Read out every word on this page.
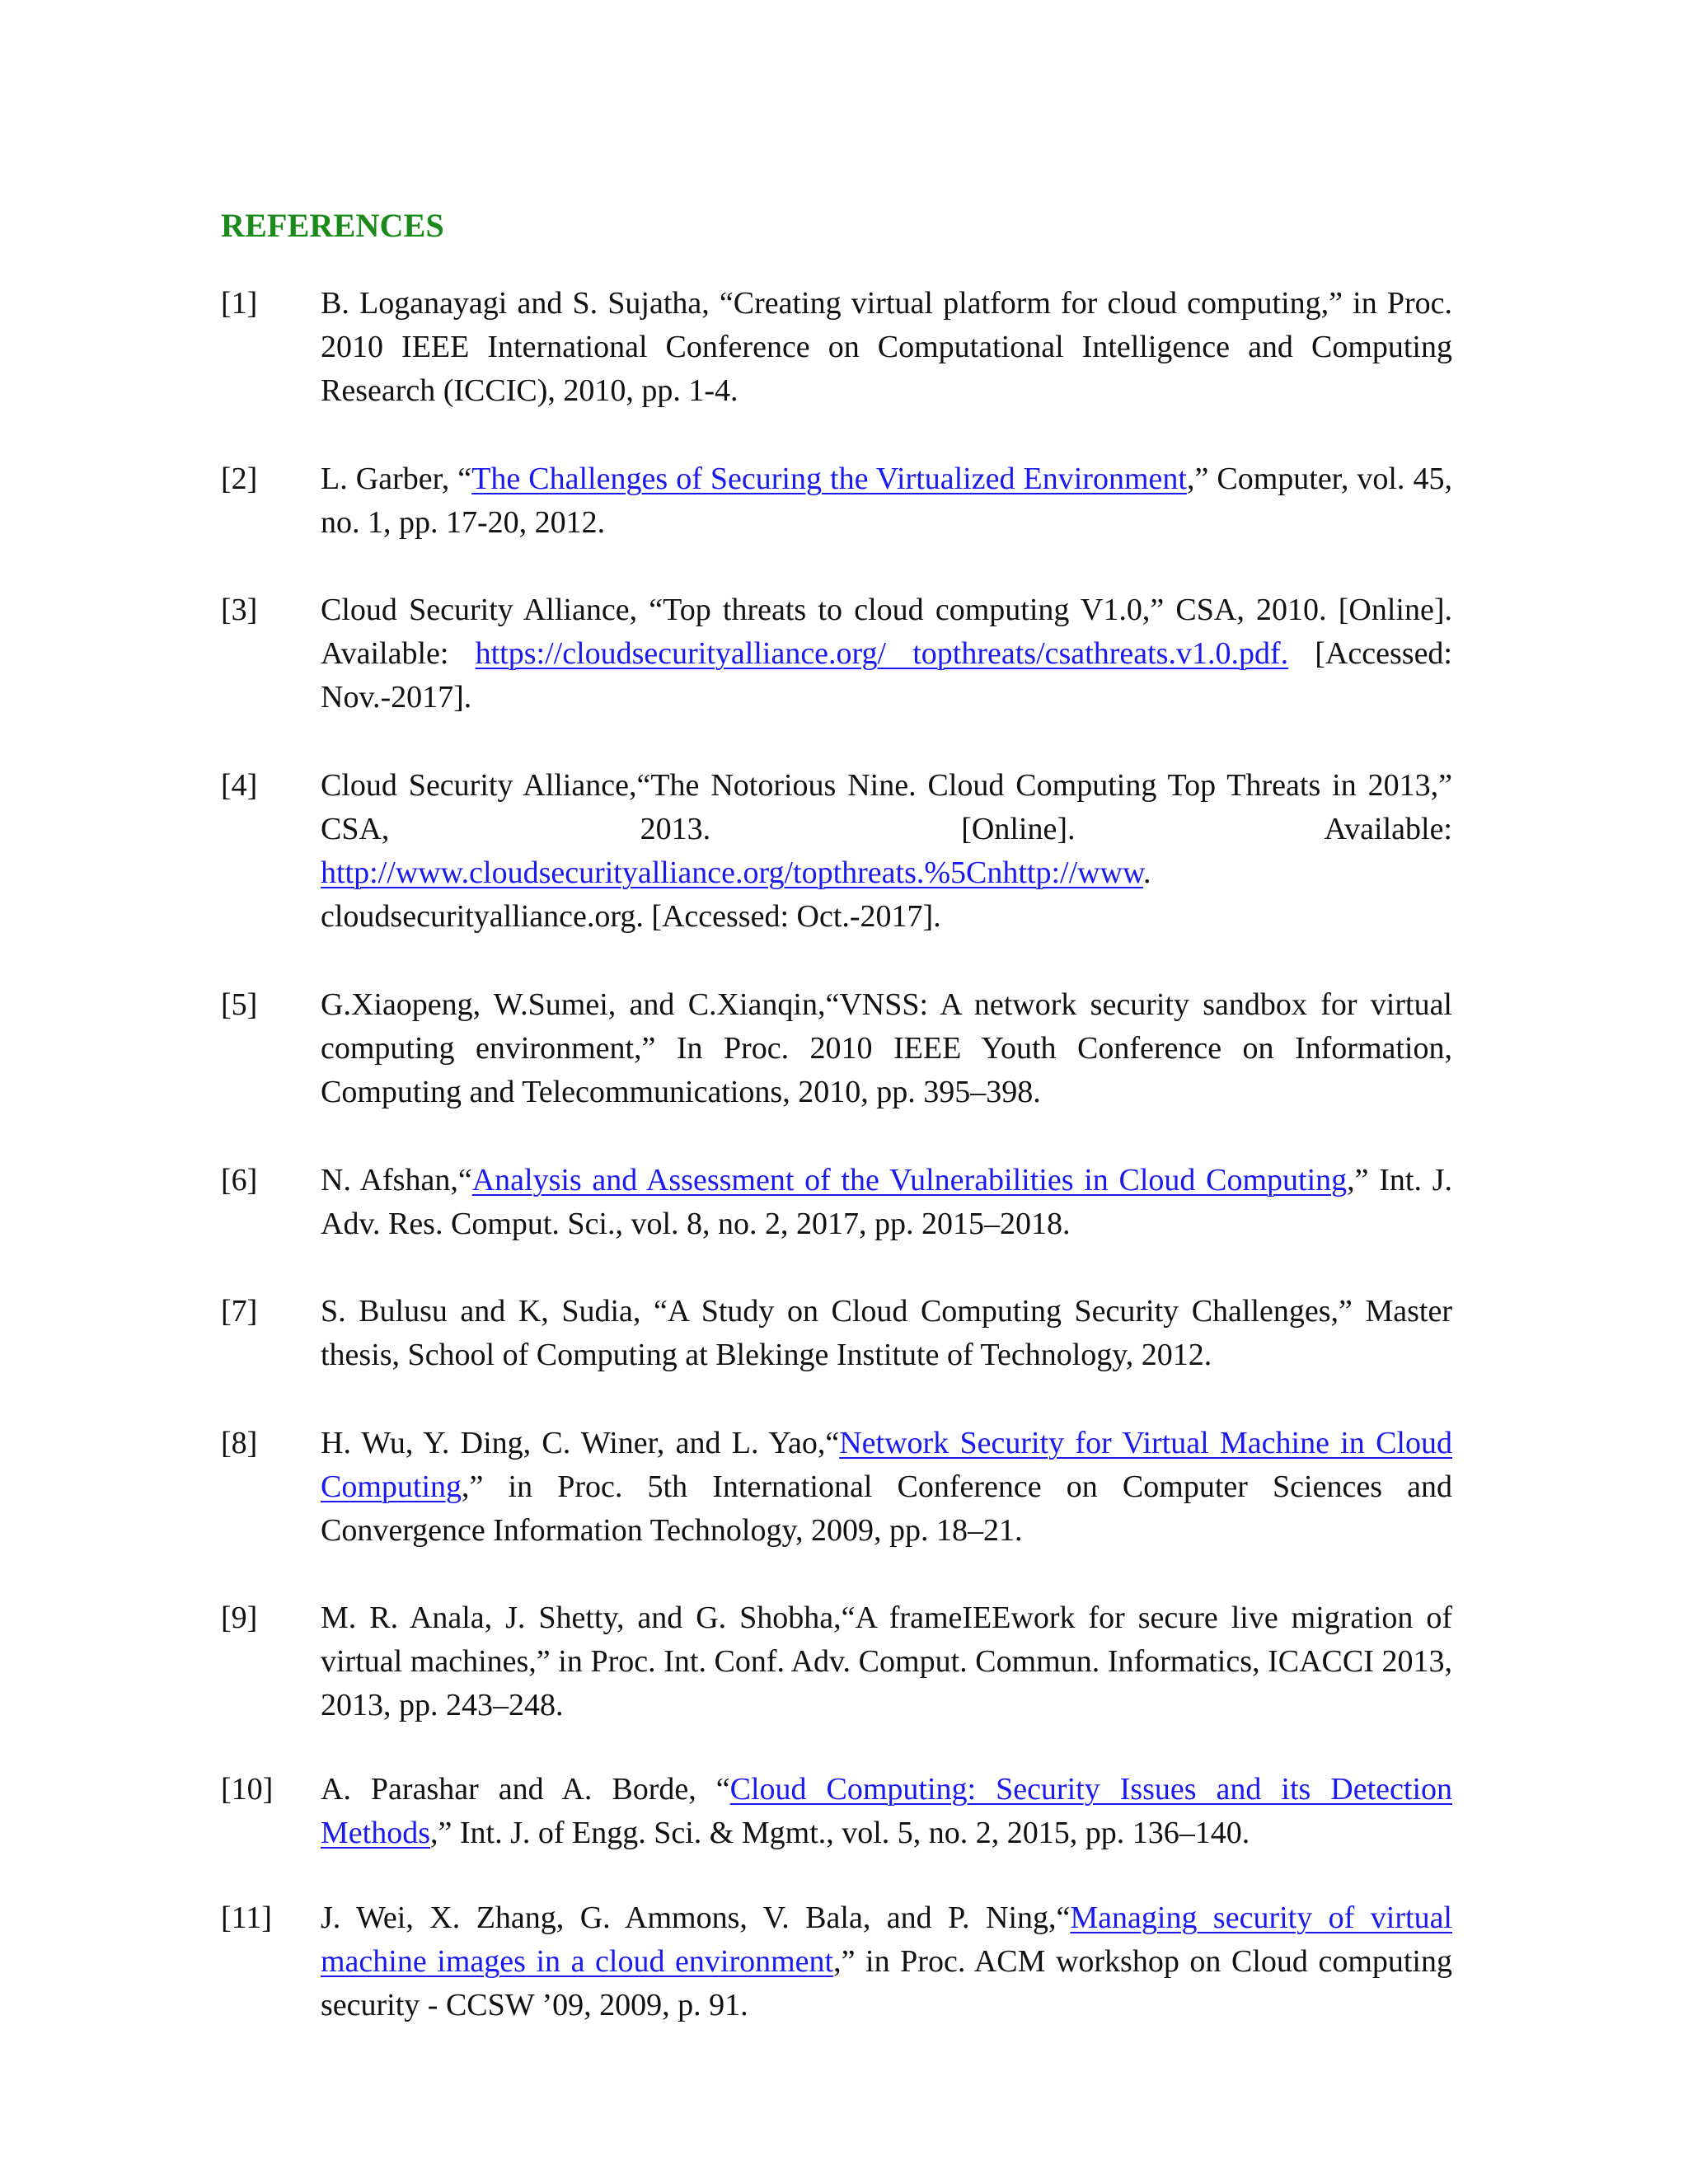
REFERENCES
[1]	B. Loganayagi and S. Sujatha, “Creating virtual platform for cloud computing,” in Proc. 2010 IEEE International Conference on Computational Intelligence and Computing Research (ICCIC), 2010, pp. 1-4.
[2]	L. Garber, “The Challenges of Securing the Virtualized Environment,” Computer, vol. 45, no. 1, pp. 17-20, 2012.
[3]	Cloud Security Alliance, “Top threats to cloud computing V1.0,” CSA, 2010. [Online]. Available: https://cloudsecurityalliance.org/ topthreats/csathreats.v1.0.pdf. [Accessed: Nov.-2017].
[4]	Cloud Security Alliance,“The Notorious Nine. Cloud Computing Top Threats in 2013,” CSA, 2013. [Online]. Available: http://www.cloudsecurityalliance.org/topthreats.%5Cnhttp://www. cloudsecurityalliance.org. [Accessed: Oct.-2017].
[5]	G.Xiaopeng, W.Sumei, and C.Xianqin,“VNSS: A network security sandbox for virtual computing environment,” In Proc. 2010 IEEE Youth Conference on Information, Computing and Telecommunications, 2010, pp. 395–398.
[6]	N. Afshan,“Analysis and Assessment of the Vulnerabilities in Cloud Computing,” Int. J. Adv. Res. Comput. Sci., vol. 8, no. 2, 2017, pp. 2015–2018.
[7]	S. Bulusu and K, Sudia, “A Study on Cloud Computing Security Challenges,” Master thesis, School of Computing at Blekinge Institute of Technology, 2012.
[8]	H. Wu, Y. Ding, C. Winer, and L. Yao,“Network Security for Virtual Machine in Cloud Computing,” in Proc. 5th International Conference on Computer Sciences and Convergence Information Technology, 2009, pp. 18–21.
[9]	M. R. Anala, J. Shetty, and G. Shobha,“A frameIEEwork for secure live migration of virtual machines,” in Proc. Int. Conf. Adv. Comput. Commun. Informatics, ICACCI 2013, 2013, pp. 243–248.
[10]	A. Parashar and A. Borde, “Cloud Computing: Security Issues and its Detection Methods,” Int. J. of Engg. Sci. & Mgmt., vol. 5, no. 2, 2015, pp. 136–140.
[11]	J. Wei, X. Zhang, G. Ammons, V. Bala, and P. Ning,“Managing security of virtual machine images in a cloud environment,” in Proc. ACM workshop on Cloud computing security - CCSW ’09, 2009, p. 91.
